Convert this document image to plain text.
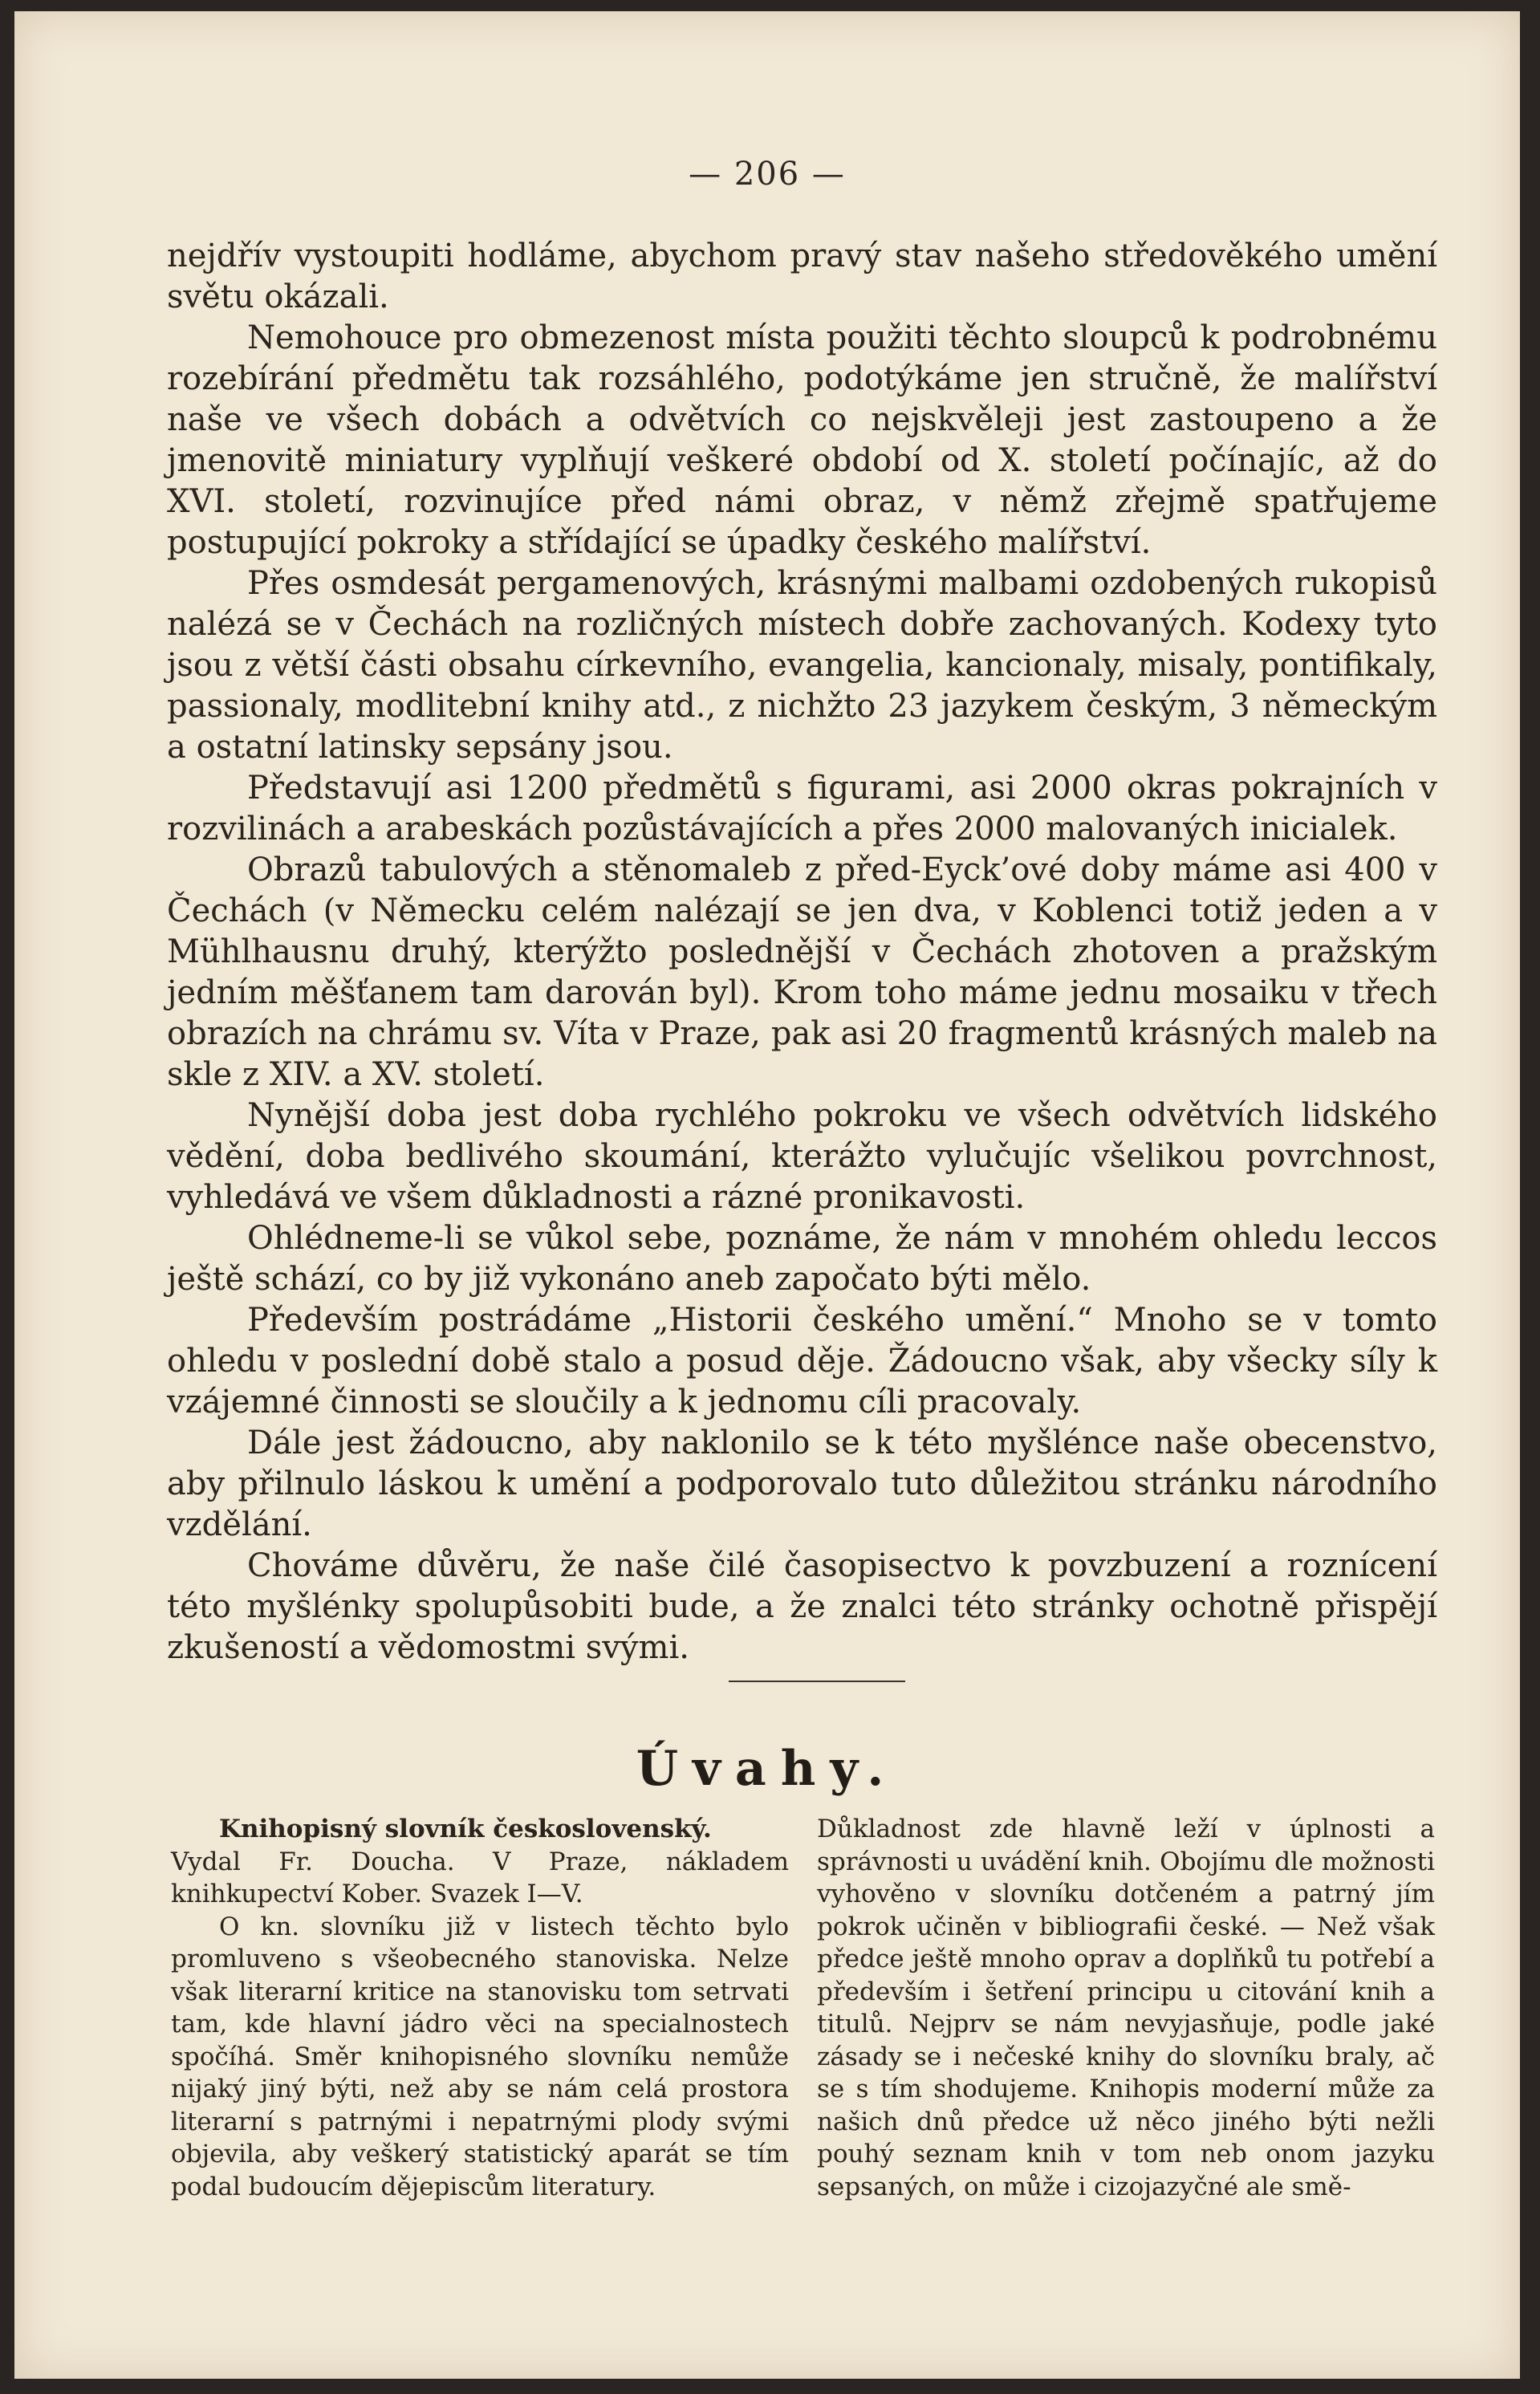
— 206 —

nejdřív vystoupiti hodláme, abychom pravý stav našeho středověkého umění světu okázali.

Nemohouce pro obmezenost místa použiti těchto sloupců k podrobnému rozebírání předmětu tak rozsáhlého, podotýkáme jen stručně, že malířství naše ve všech dobách a odvětvích co nejskvěleji jest zastoupeno a že jmenovitě miniatury vyplňují veškeré období od X. století počínajíc, až do XVI. století, rozvinujíce před námi obraz, v němž zřejmě spatřujeme postupující pokroky a střídající se úpadky českého malířství.

Přes osmdesát pergamenových, krásnými malbami ozdobených rukopisů nalézá se v Čechách na rozličných místech dobře zachovaných. Kodexy tyto jsou z větší části obsahu církevního, evangelia, kancionaly, misaly, pontifikaly, passionaly, modlitební knihy atd., z nichžto 23 jazykem českým, 3 německým a ostatní latinsky sepsány jsou.

Představují asi 1200 předmětů s figurami, asi 2000 okras pokrajních v rozvilinách a arabeskách pozůstávajících a přes 2000 malovaných inicialek.

Obrazů tabulových a stěnomaleb z před-Eyck’ové doby máme asi 400 v Čechách (v Německu celém nalézají se jen dva, v Koblenci totiž jeden a v Mühlhausnu druhý, kterýžto poslednější v Čechách zhotoven a pražským jedním měšťanem tam darován byl). Krom toho máme jednu mosaiku v třech obrazích na chrámu sv. Víta v Praze, pak asi 20 fragmentů krásných maleb na skle z XIV. a XV. století.

Nynější doba jest doba rychlého pokroku ve všech odvětvích lidského vědění, doba bedlivého skoumání, kterážto vylučujíc všelikou povrchnost, vyhledává ve všem důkladnosti a rázné pronikavosti.

Ohlédneme-li se vůkol sebe, poznáme, že nám v mnohém ohledu leccos ještě schází, co by již vykonáno aneb započato býti mělo.

Především postrádáme „Historii českého umění.“ Mnoho se v tomto ohledu v poslední době stalo a posud děje. Žádoucno však, aby všecky síly k vzájemné činnosti se sloučily a k jednomu cíli pracovaly.

Dále jest žádoucno, aby naklonilo se k této myšlénce naše obecenstvo, aby přilnulo láskou k umění a podporovalo tuto důležitou stránku národního vzdělání.

Chováme důvěru, že naše čilé časopisectvo k povzbuzení a roznícení této myšlénky spolupůsobiti bude, a že znalci této stránky ochotně přispějí zkušeností a vědomostmi svými.

Úvahy.

Knihopisný slovník československý.

Vydal Fr. Doucha. V Praze, nákladem knihkupectví Kober. Svazek I—V.

O kn. slovníku již v listech těchto bylo promluveno s všeobecného stanoviska. Nelze však literarní kritice na stanovisku tom setrvati tam, kde hlavní jádro věci na specialnostech spočíhá. Směr knihopisného slovníku nemůže nijaký jiný býti, než aby se nám celá prostora literarní s patrnými i nepatrnými plody svými objevila, aby veškerý statistický aparát se tím podal budoucím dějepiscům literatury.

Důkladnost zde hlavně leží v úplnosti a správnosti u uvádění knih. Obojímu dle možnosti vyhověno v slovníku dotčeném a patrný jím pokrok učiněn v bibliografii české. — Než však předce ještě mnoho oprav a doplňků tu potřebí a především i šetření principu u citování knih a titulů. Nejprv se nám nevyjasňuje, podle jaké zásady se i nečeské knihy do slovníku braly, ač se s tím shodujeme. Knihopis moderní může za našich dnů předce už něco jiného býti nežli pouhý seznam knih v tom neb onom jazyku sepsaných, on může i cizojazyčné ale smě-
